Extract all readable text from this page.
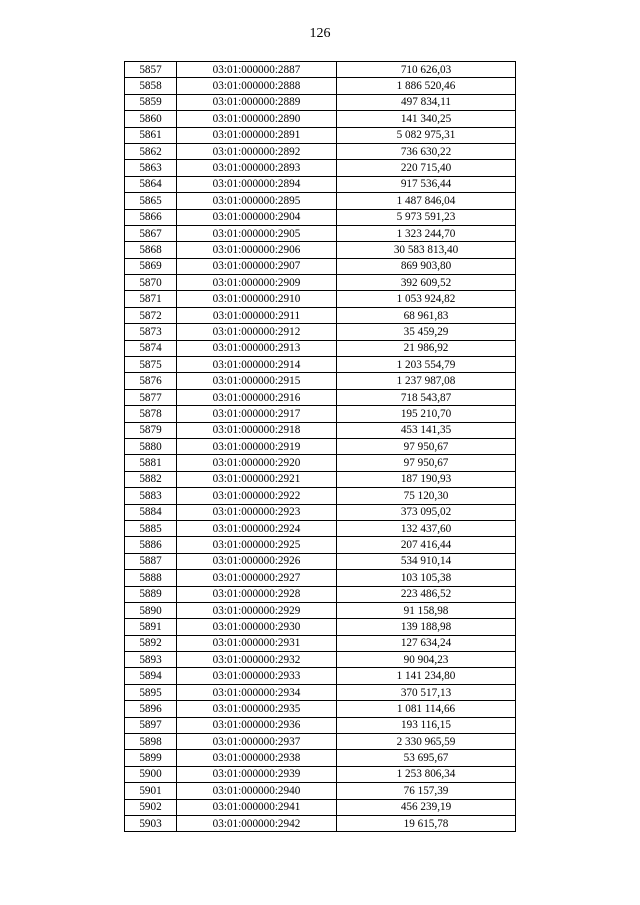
126
5857	03:01:000000:2887	710 626,03
5858	03:01:000000:2888	1 886 520,46
5859	03:01:000000:2889	497 834,11
5860	03:01:000000:2890	141 340,25
5861	03:01:000000:2891	5 082 975,31
5862	03:01:000000:2892	736 630,22
5863	03:01:000000:2893	220 715,40
5864	03:01:000000:2894	917 536,44
5865	03:01:000000:2895	1 487 846,04
5866	03:01:000000:2904	5 973 591,23
5867	03:01:000000:2905	1 323 244,70
5868	03:01:000000:2906	30 583 813,40
5869	03:01:000000:2907	869 903,80
5870	03:01:000000:2909	392 609,52
5871	03:01:000000:2910	1 053 924,82
5872	03:01:000000:2911	68 961,83
5873	03:01:000000:2912	35 459,29
5874	03:01:000000:2913	21 986,92
5875	03:01:000000:2914	1 203 554,79
5876	03:01:000000:2915	1 237 987,08
5877	03:01:000000:2916	718 543,87
5878	03:01:000000:2917	195 210,70
5879	03:01:000000:2918	453 141,35
5880	03:01:000000:2919	97 950,67
5881	03:01:000000:2920	97 950,67
5882	03:01:000000:2921	187 190,93
5883	03:01:000000:2922	75 120,30
5884	03:01:000000:2923	373 095,02
5885	03:01:000000:2924	132 437,60
5886	03:01:000000:2925	207 416,44
5887	03:01:000000:2926	534 910,14
5888	03:01:000000:2927	103 105,38
5889	03:01:000000:2928	223 486,52
5890	03:01:000000:2929	91 158,98
5891	03:01:000000:2930	139 188,98
5892	03:01:000000:2931	127 634,24
5893	03:01:000000:2932	90 904,23
5894	03:01:000000:2933	1 141 234,80
5895	03:01:000000:2934	370 517,13
5896	03:01:000000:2935	1 081 114,66
5897	03:01:000000:2936	193 116,15
5898	03:01:000000:2937	2 330 965,59
5899	03:01:000000:2938	53 695,67
5900	03:01:000000:2939	1 253 806,34
5901	03:01:000000:2940	76 157,39
5902	03:01:000000:2941	456 239,19
5903	03:01:000000:2942	19 615,78
